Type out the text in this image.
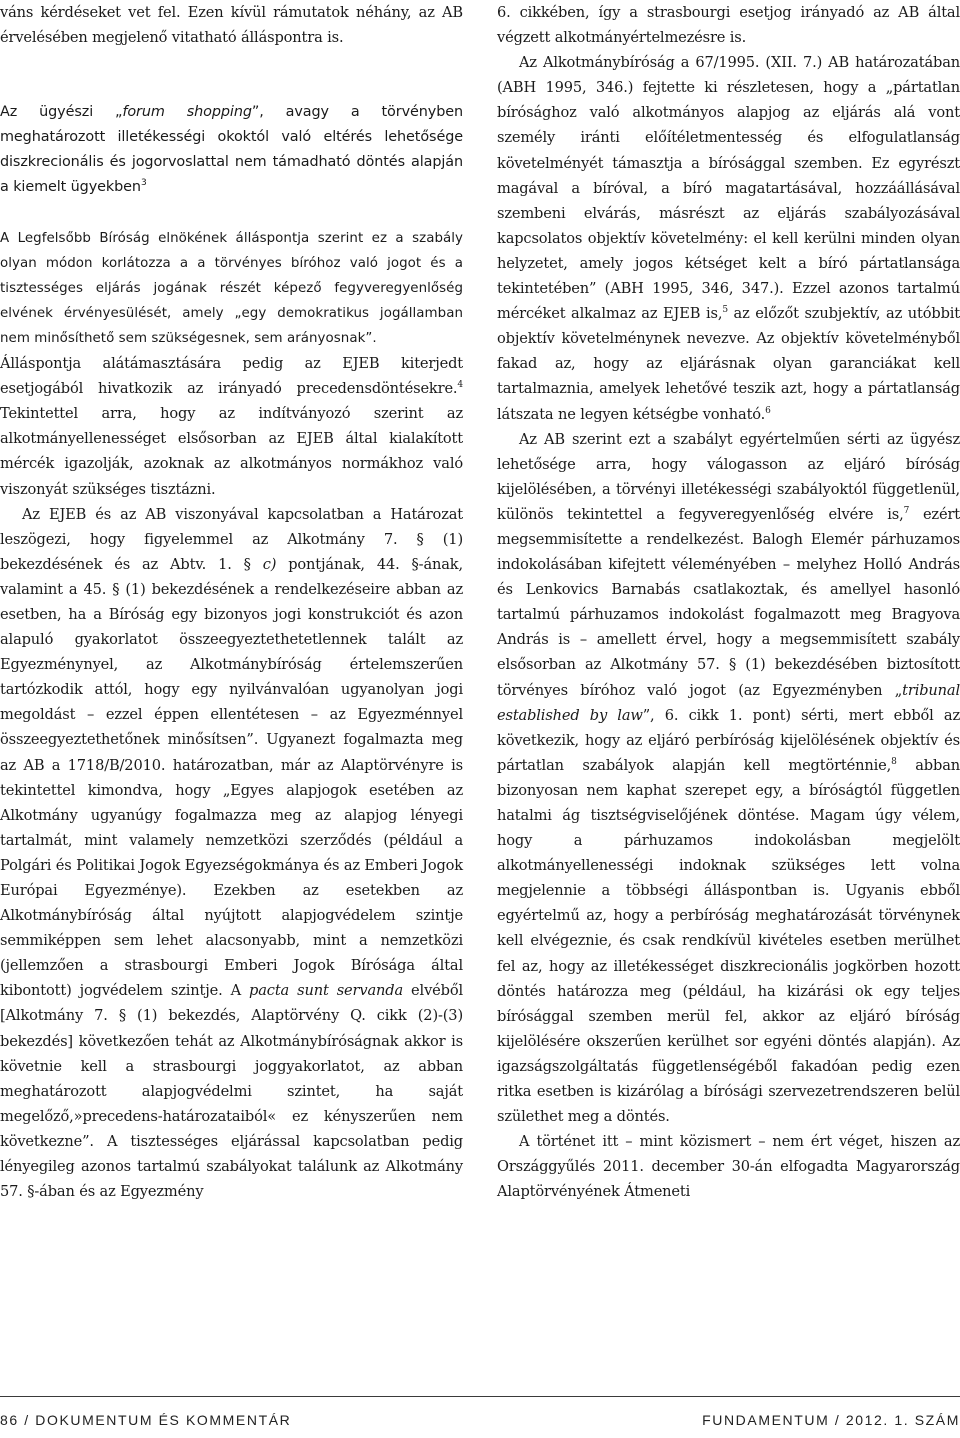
váns kérdéseket vet fel. Ezen kívül rámutatok néhány, az AB érvelésében megjelenő vitatható álláspontra is.

Az ügyészi „forum shopping”, avagy a törvényben meghatározott illetékességi okoktól való eltérés lehetősége diszkrecionális és jogorvoslattal nem támadható döntés alapján a kiemelt ügyekben$^3$

A Legfelsőbb Bíróság elnökének álláspontja szerint ez a szabály olyan módon korlátozza a a törvényes bíróhoz való jogot és a tisztességes eljárás jogának részét képező fegyveregyenlőség elvének érvényesülését, amely „egy demokratikus jogállamban nem minősíthető sem szükségesnek, sem arányosnak”.

Álláspontja alátámasztására pedig az EJEB kiterjedt esetjogából hivatkozik az irányadó precedensdöntésekre.$^4$ Tekintettel arra, hogy az indítványozó szerint az alkotmányellenességet elsősorban az EJEB által kialakított mércék igazolják, azoknak az alkotmányos normákhoz való viszonyát szükséges tisztázni.

Az EJEB és az AB viszonyával kapcsolatban a Határozat leszögezi, hogy figyelemmel az Alkotmány 7. § (1) bekezdésének és az Abtv. 1. § c) pontjának, 44. §-ának, valamint a 45. § (1) bekezdésének a rendelkezéseire abban az esetben, ha a Bíróság egy bizonyos jogi konstrukciót és azon alapuló gyakorlatot összeegyeztethetetlennek talált az Egyezménynyel, az Alkotmánybíróság értelemszerűen tartózkodik attól, hogy egy nyilvánvalóan ugyanolyan jogi megoldást – ezzel éppen ellentétesen – az Egyezménnyel összeegyeztethetőnek minősítsen”. Ugyanezt fogalmazta meg az AB a 1718/B/2010. határozatban, már az Alaptörvényre is tekintettel kimondva, hogy „Egyes alapjogok esetében az Alkotmány ugyanúgy fogalmazza meg az alapjog lényegi tartalmát, mint valamely nemzetközi szerződés (például a Polgári és Politikai Jogok Egyezségokmánya és az Emberi Jogok Európai Egyezménye). Ezekben az esetekben az Alkotmánybíróság által nyújtott alapjogvédelem szintje semmiképpen sem lehet alacsonyabb, mint a nemzetközi (jellemzően a strasbourgi Emberi Jogok Bírósága által kibontott) jogvédelem szintje. A pacta sunt servanda elvéből [Alkotmány 7. § (1) bekezdés, Alaptörvény Q. cikk (2)-(3) bekezdés] következően tehát az Alkotmánybíróságnak akkor is követnie kell a strasbourgi joggyakorlatot, az abban meghatározott alapjogvédelmi szintet, ha saját megelőző,»precedens-határozataiból« ez kényszerűen nem következne”. A tisztességes eljárással kapcsolatban pedig lényegileg azonos tartalmú szabályokat találunk az Alkotmány 57. §-ában és az Egyezmény

6. cikkében, így a strasbourgi esetjog irányadó az AB által végzett alkotmányértelmezésre is.

Az Alkotmánybíróság a 67/1995. (XII. 7.) AB határozatában (ABH 1995, 346.) fejtette ki részletesen, hogy a „pártatlan bírósághoz való alkotmányos alapjog az eljárás alá vont személy iránti előítéletmentesség és elfogulatlanság követelményét támasztja a bírósággal szemben. Ez egyrészt magával a bíróval, a bíró magatartásával, hozzáállásával szembeni elvárás, másrészt az eljárás szabályozásával kapcsolatos objektív követelmény: el kell kerülni minden olyan helyzetet, amely jogos kétséget kelt a bíró pártatlansága tekintetében” (ABH 1995, 346, 347.). Ezzel azonos tartalmú mércéket alkalmaz az EJEB is,$^5$ az előzőt szubjektív, az utóbbit objektív követelménynek nevezve. Az objektív követelményből fakad az, hogy az eljárásnak olyan garanciákat kell tartalmaznia, amelyek lehetővé teszik azt, hogy a pártatlanság látszata ne legyen kétségbe vonható.$^6$

Az AB szerint ezt a szabályt egyértelműen sérti az ügyész lehetősége arra, hogy válogasson az eljáró bíróság kijelölésében, a törvényi illetékességi szabályoktól függetlenül, különös tekintettel a fegyveregyenlőség elvére is,$^7$ ezért megsemmisítette a rendelkezést. Balogh Elemér párhuzamos indokolásában kifejtett véleményében – melyhez Holló András és Lenkovics Barnabás csatlakoztak, és amellyel hasonló tartalmú párhuzamos indokolást fogalmazott meg Bragyova András is – amellett érvel, hogy a megsemmisített szabály elsősorban az Alkotmány 57. § (1) bekezdésében biztosított törvényes bíróhoz való jogot (az Egyezményben „tribunal established by law”, 6. cikk 1. pont) sérti, mert ebből az következik, hogy az eljáró perbíróság kijelölésének objektív és pártatlan szabályok alapján kell megtörténnie,$^8$ abban bizonyosan nem kaphat szerepet egy, a bíróságtól független hatalmi ág tisztségviselőjének döntése. Magam úgy vélem, hogy a párhuzamos indokolásban megjelölt alkotmányellenességi indoknak szükséges lett volna megjelennie a többségi álláspontban is. Ugyanis ebből egyértelmű az, hogy a perbíróság meghatározását törvénynek kell elvégeznie, és csak rendkívül kivételes esetben merülhet fel az, hogy az illetékességet diszkrecionális jogkörben hozott döntés határozza meg (például, ha kizárási ok egy teljes bírósággal szemben merül fel, akkor az eljáró bíróság kijelölésére okszerűen kerülhet sor egyéni döntés alapján). Az igazságszolgáltatás függetlenségéből fakadóan pedig ezen ritka esetben is kizárólag a bírósági szervezetrendszeren belül születhet meg a döntés.

A történet itt – mint közismert – nem ért véget, hiszen az Országgyűlés 2011. december 30-án elfogadta Magyarország Alaptörvényének Átmeneti

86 / DOKUMENTUM ÉS KOMMENTÁR	FUNDAMENTUM / 2012. 1. SZÁM
